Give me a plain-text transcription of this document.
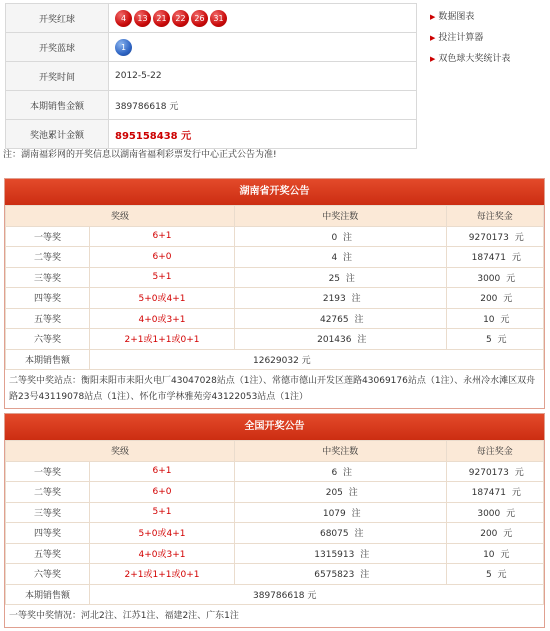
开奖红球	4 13 21 22 26 31
开奖蓝球	1
开奖时间	2012-5-22
本期销售金额	389786618 元
奖池累计金额	895158438 元
▶ 数据图表
▶ 投注计算器
▶ 双色球大奖统计表
注：湖南福彩网的开奖信息以湖南省福利彩票发行中心正式公告为准!
湖南省开奖公告
奖级		中奖注数	每注奖金
一等奖	6+1	0 注	9270173 元
二等奖	6+0	4 注	187471 元
三等奖	5+1	25 注	3000 元
四等奖	5+0或4+1	2193 注	200 元
五等奖	4+0或3+1	42765 注	10 元
六等奖	2+1或1+1或0+1	201436 注	5 元
本期销售额	12629032 元		
二等奖中奖站点：衡阳耒阳市耒阳火电厂43047028站点（1注）、常德市德山开发区莲路43069176站点（1注）、永州冷水滩区双舟路23号43119078站点（1注）、怀化市学林雅苑旁43122053站点（1注）
全国开奖公告
奖级		中奖注数	每注奖金
一等奖	6+1	6 注	9270173 元
二等奖	6+0	205 注	187471 元
三等奖	5+1	1079 注	3000 元
四等奖	5+0或4+1	68075 注	200 元
五等奖	4+0或3+1	1315913 注	10 元
六等奖	2+1或1+1或0+1	6575823 注	5 元
本期销售额	389786618 元		
一等奖中奖情况：河北2注、江苏1注、福建2注、广东1注
